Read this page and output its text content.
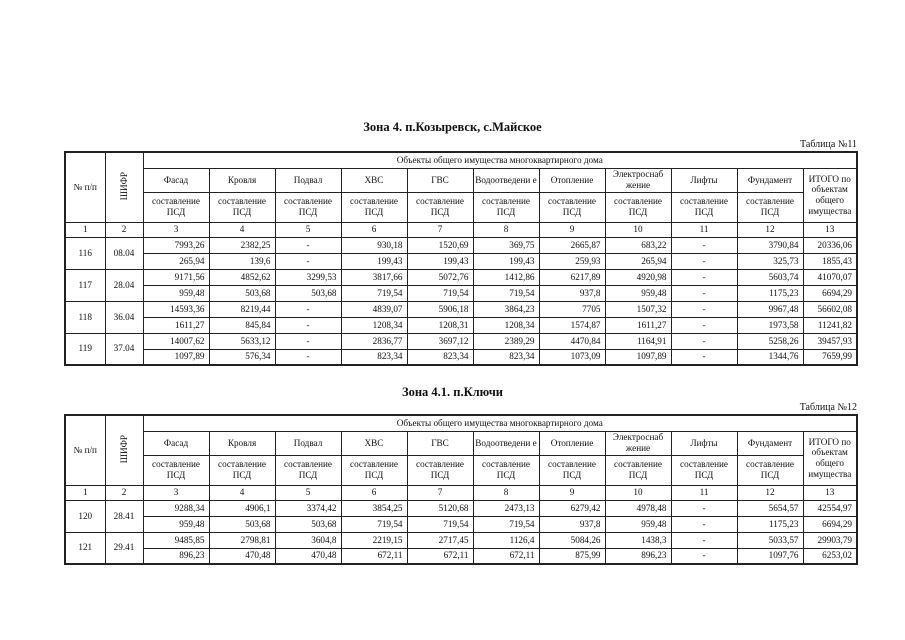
Зона 4. п.Козыревск, с.Майское
Таблица №11
№ п/п	ШИФР	Объекты общего имущества многоквартирного дома										
		Фасад	Кровля	Подвал	ХВС	ГВС	Водоотведени е	Отопление	Электроснаб жение	Лифты	Фундамент	ИТОГО по объектам общего имущества
		составление ПСД	составление ПСД	составление ПСД	составление ПСД	составление ПСД	составление ПСД	составление ПСД	составление ПСД	составление ПСД	составление ПСД	
1	2	3	4	5	6	7	8	9	10	11	12	13
116	08.04	7993,26	2382,25	-	930,18	1520,69	369,75	2665,87	683,22	-	3790,84	20336,06
		265,94	139,6	-	199,43	199,43	199,43	259,93	265,94	-	325,73	1855,43
117	28.04	9171,56	4852,62	3299,53	3817,66	5072,76	1412,86	6217,89	4920,98	-	5603,74	41070,07
		959,48	503,68	503,68	719,54	719,54	719,54	937,8	959,48	-	1175,23	6694,29
118	36.04	14593,36	8219,44	-	4839,07	5906,18	3864,23	7705	1507,32	-	9967,48	56602,08
		1611,27	845,84	-	1208,34	1208,31	1208,34	1574,87	1611,27	-	1973,58	11241,82
119	37.04	14007,62	5633,12	-	2836,77	3697,12	2389,29	4470,84	1164,91	-	5258,26	39457,93
		1097,89	576,34	-	823,34	823,34	823,34	1073,09	1097,89	-	1344,76	7659,99
Зона 4.1. п.Ключи
Таблица №12
№ п/п	ШИФР	Объекты общего имущества многоквартирного дома										
		Фасад	Кровля	Подвал	ХВС	ГВС	Водоотведени е	Отопление	Электроснаб жение	Лифты	Фундамент	ИТОГО по объектам общего имущества
		составление ПСД	составление ПСД	составление ПСД	составление ПСД	составление ПСД	составление ПСД	составление ПСД	составление ПСД	составление ПСД	составление ПСД	
1	2	3	4	5	6	7	8	9	10	11	12	13
120	28.41	9288,34	4906,1	3374,42	3854,25	5120,68	2473,13	6279,42	4978,48	-	5654,57	42554,97
		959,48	503,68	503,68	719,54	719,54	719,54	937,8	959,48	-	1175,23	6694,29
121	29.41	9485,85	2798,81	3604,8	2219,15	2717,45	1126,4	5084,26	1438,3	-	5033,57	29903,79
		896,23	470,48	470,48	672,11	672,11	672,11	875,99	896,23	-	1097,76	6253,02
